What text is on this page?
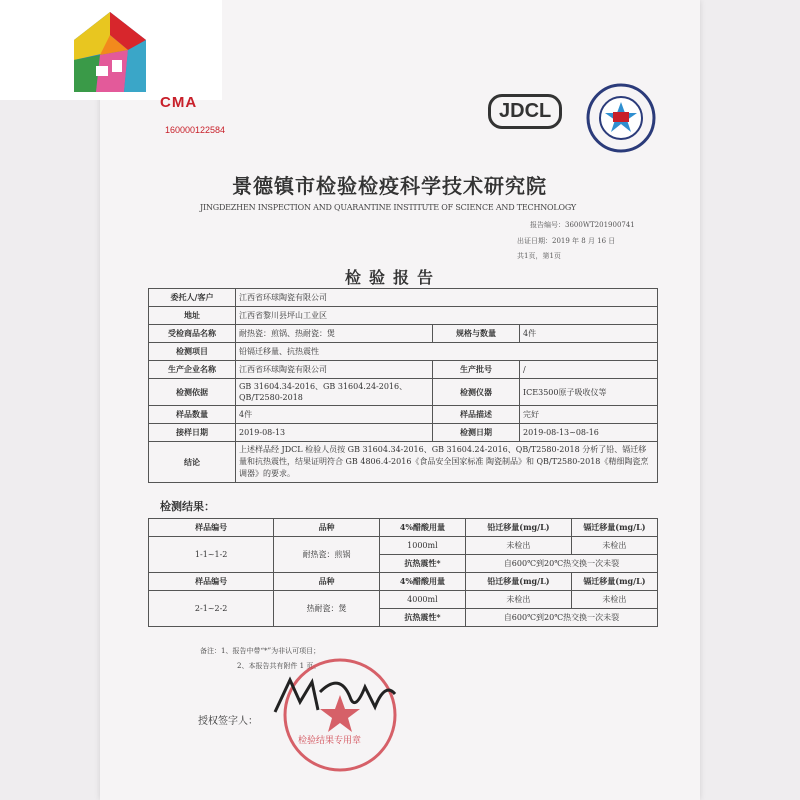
CMA
160000122584
JDCL
景德镇市检验检疫科学技术研究院
JINGDEZHEN INSPECTION AND QUARANTINE INSTITUTE OF SCIENCE AND TECHNOLOGY
报告编号：3600WT201900741
出证日期：2019 年 8 月 16 日
共1页，第1页
检验报告
委托人/客户	江西省环球陶瓷有限公司		
地址	江西省黎川县坪山工业区		
受检商品名称	耐热瓷：煎锅、热耐瓷：煲	规格与数量	4件
检测项目	铅镉迁移量、抗热震性		
生产企业名称	江西省环球陶瓷有限公司	生产批号	/
检测依据	GB 31604.34-2016、GB 31604.24-2016、QB/T2580-2018	检测仪器	ICE3500原子吸收仪等
样品数量	4件	样品描述	完好
接样日期	2019-08-13	检测日期	2019-08-13~08-16
结论	上述样品经 JDCL 检验人员按 GB 31604.34-2016、GB 31604.24-2016、QB/T2580-2018 分析了铅、镉迁移量和抗热震性，结果证明符合 GB 4806.4-2016《食品安全国家标准 陶瓷制品》和 QB/T2580-2018《精细陶瓷烹调器》的要求。		
检测结果：
样品编号	品种	4%醋酸用量	铅迁移量(mg/L)	镉迁移量(mg/L)
1-1~1-2	耐热瓷：煎锅	1000ml	未检出	未检出
		抗热震性*	自600℃到20℃热交换一次未裂	
样品编号	品种	4%醋酸用量	铅迁移量(mg/L)	镉迁移量(mg/L)
2-1~2-2	热耐瓷：煲	4000ml	未检出	未检出
		抗热震性*	自600℃到20℃热交换一次未裂	
备注：1、报告中带“*”为非认可项目；
2、本报告共有附件 1 页。
检验结果专用章
授权签字人：
